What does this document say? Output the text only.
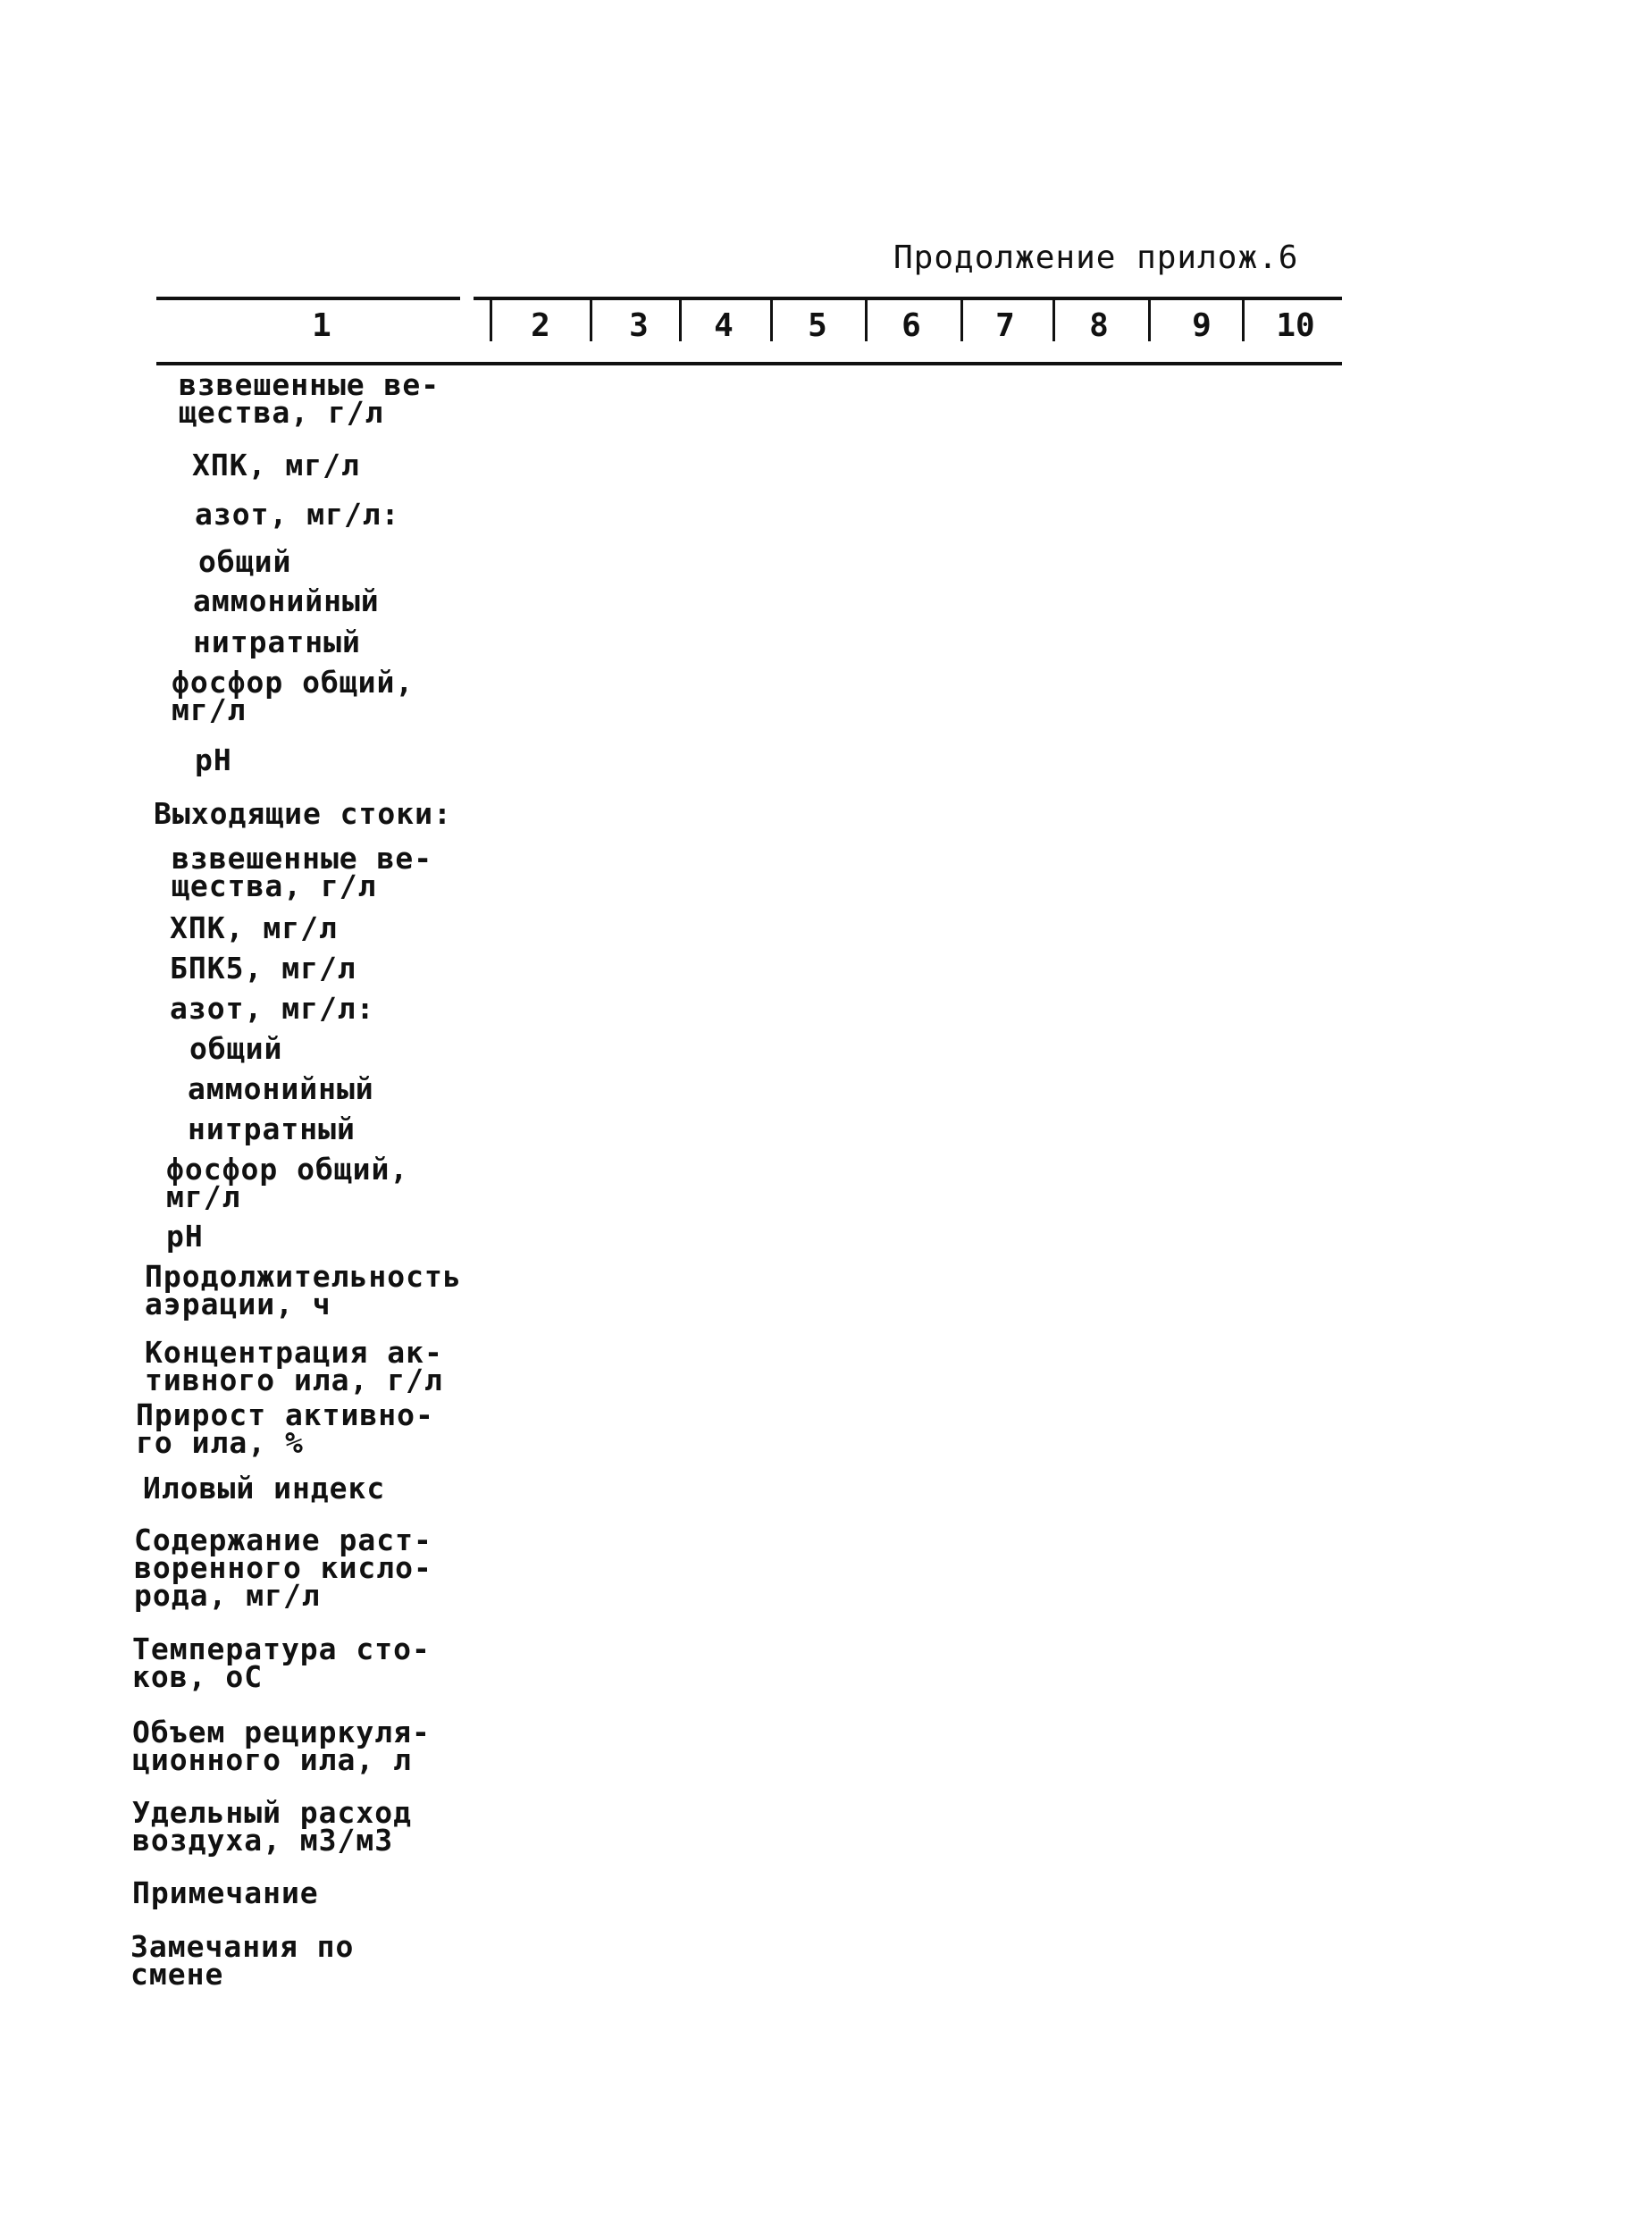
Продолжение прилож.6
1	2	3	4	5	6	7	8	9	10
взвешенные ве-
щества, г/л
ХПК, мг/л
азот, мг/л:
общий
аммонийный
нитратный
фосфор общий,
мг/л
pH
Выходящие стоки:
взвешенные ве-
щества, г/л
ХПК, мг/л
БПК5, мг/л
азот, мг/л:
общий
аммонийный
нитратный
фосфор общий,
мг/л
pH
Продолжительность
аэрации, ч
Концентрация ак-
тивного ила, г/л
Прирост активно-
го ила, %
Иловый индекс
Содержание раст-
воренного кисло-
рода, мг/л
Температура сто-
ков, оС
Объем рециркуля-
ционного ила, л
Удельный расход
воздуха, м3/м3
Примечание
Замечания по
смене
